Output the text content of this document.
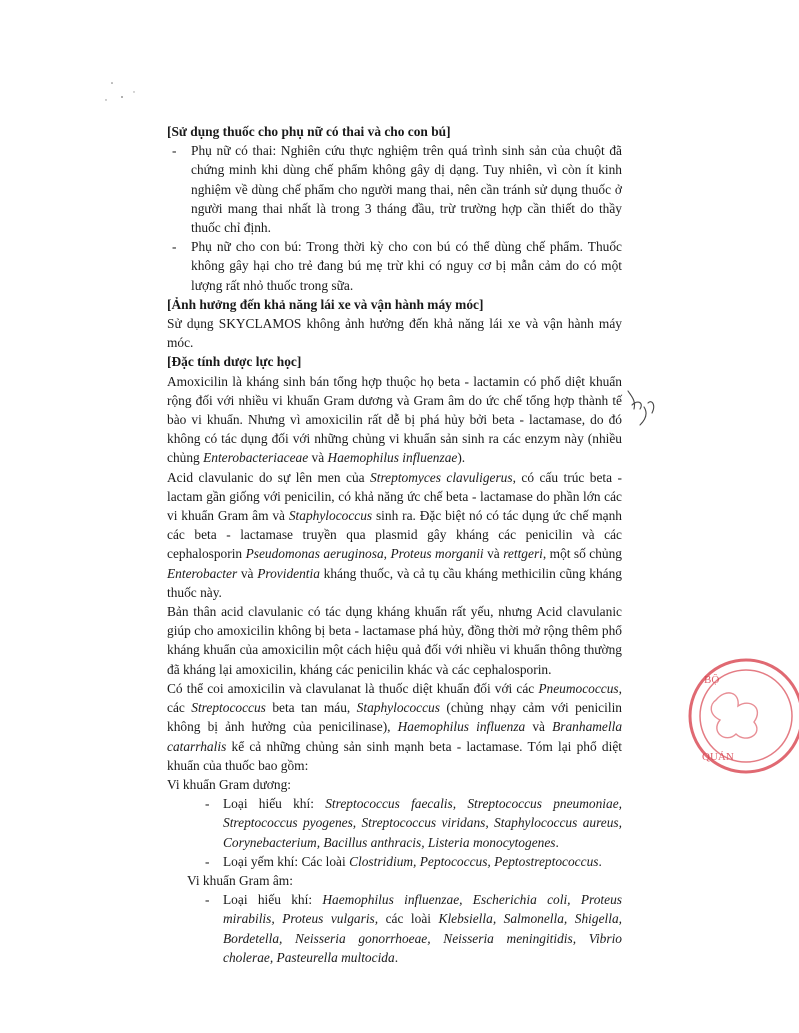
[Sử dụng thuốc cho phụ nữ có thai và cho con bú]

- Phụ nữ có thai: Nghiên cứu thực nghiệm trên quá trình sinh sản của chuột đã chứng minh khi dùng chế phẩm không gây dị dạng. Tuy nhiên, vì còn ít kinh nghiệm về dùng chế phẩm cho người mang thai, nên cần tránh sử dụng thuốc ở người mang thai nhất là trong 3 tháng đầu, trừ trường hợp cần thiết do thầy thuốc chỉ định.
- Phụ nữ cho con bú: Trong thời kỳ cho con bú có thể dùng chế phẩm. Thuốc không gây hại cho trẻ đang bú mẹ trừ khi có nguy cơ bị mẫn cảm do có một lượng rất nhỏ thuốc trong sữa.

[Ảnh hưởng đến khả năng lái xe và vận hành máy móc]

Sử dụng SKYCLAMOS không ảnh hưởng đến khả năng lái xe và vận hành máy móc.

[Đặc tính dược lực học]

Amoxicilin là kháng sinh bán tổng hợp thuộc họ beta - lactamin có phổ diệt khuẩn rộng đối với nhiều vi khuẩn Gram dương và Gram âm do ức chế tổng hợp thành tế bào vi khuẩn. Nhưng vì amoxicilin rất dễ bị phá hủy bởi beta - lactamase, do đó không có tác dụng đối với những chủng vi khuẩn sản sinh ra các enzym này (nhiều chủng Enterobacteriaceae và Haemophilus influenzae).

Acid clavulanic do sự lên men của Streptomyces clavuligerus, có cấu trúc beta - lactam gần giống với penicilin, có khả năng ức chế beta - lactamase do phần lớn các vi khuẩn Gram âm và Staphylococcus sinh ra. Đặc biệt nó có tác dụng ức chế mạnh các beta - lactamase truyền qua plasmid gây kháng các penicilin và các cephalosporin Pseudomonas aeruginosa, Proteus morganii và rettgeri, một số chủng Enterobacter và Providentia kháng thuốc, và cả tụ cầu kháng methicilin cũng kháng thuốc này.

Bản thân acid clavulanic có tác dụng kháng khuẩn rất yếu, nhưng Acid clavulanic giúp cho amoxicilin không bị beta - lactamase phá hủy, đồng thời mở rộng thêm phổ kháng khuẩn của amoxicilin một cách hiệu quả đối với nhiều vi khuẩn thông thường đã kháng lại amoxicilin, kháng các penicilin khác và các cephalosporin.

Có thể coi amoxicilin và clavulanat là thuốc diệt khuẩn đối với các Pneumococcus, các Streptococcus beta tan máu, Staphylococcus (chủng nhạy cảm với penicilin không bị ảnh hưởng của penicilinase), Haemophilus influenza và Branhamella catarrhalis kể cả những chủng sản sinh mạnh beta - lactamase. Tóm lại phổ diệt khuẩn của thuốc bao gồm:

Vi khuẩn Gram dương:

- Loại hiếu khí: Streptococcus faecalis, Streptococcus pneumoniae, Streptococcus pyogenes, Streptococcus viridans, Staphylococcus aureus, Corynebacterium, Bacillus anthracis, Listeria monocytogenes.
- Loại yếm khí: Các loài Clostridium, Peptococcus, Peptostreptococcus.

Vi khuẩn Gram âm:

- Loại hiếu khí: Haemophilus influenzae, Escherichia coli, Proteus mirabilis, Proteus vulgaris, các loài Klebsiella, Salmonella, Shigella, Bordetella, Neisseria gonorrhoeae, Neisseria meningitidis, Vibrio cholerae, Pasteurella multocida.
BỘ
QUẢN
